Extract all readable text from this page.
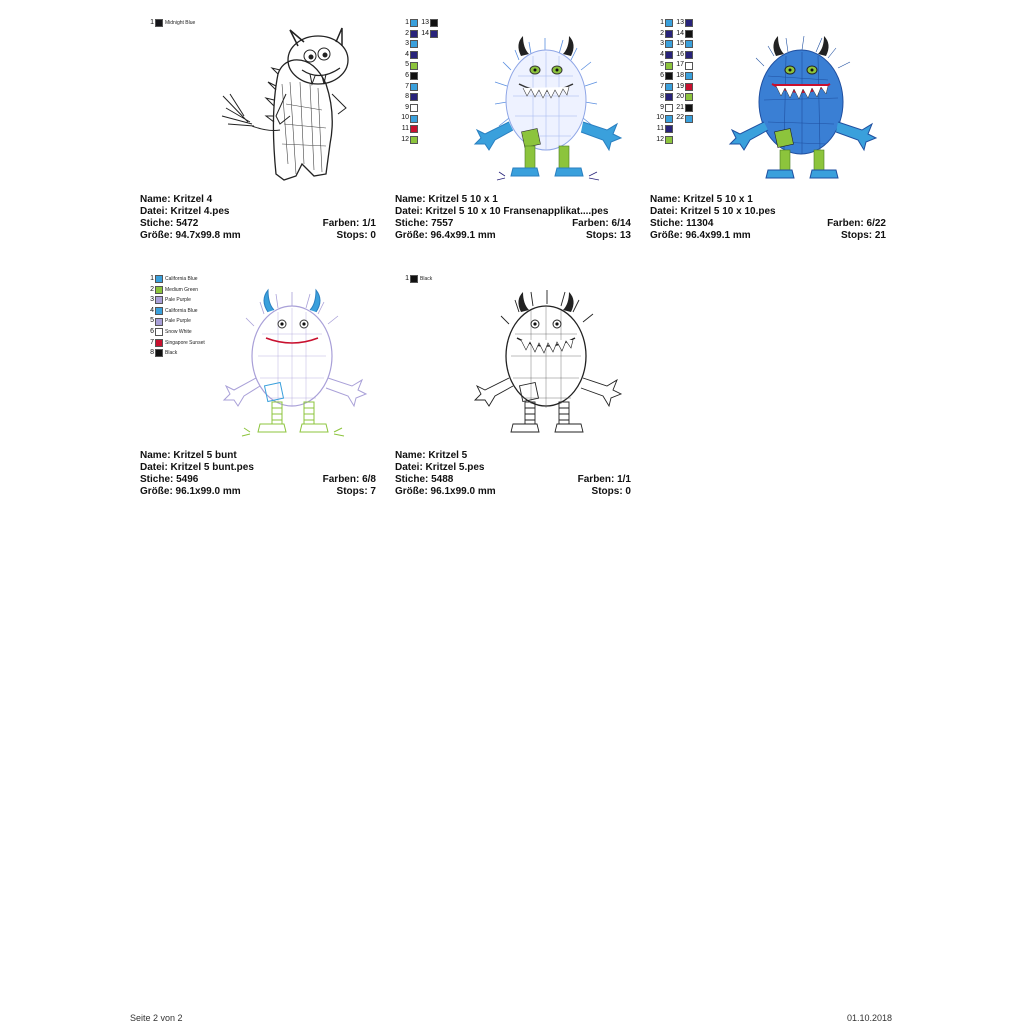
1 Midnight Blue
Name: Kritzel 4
Datei: Kritzel 4.pes
Stiche: 5472	Farben: 1/1
Größe: 94.7x99.8 mm	Stops: 0
1
2
3
4
5
6
7
8
9
10
11
12
13
14
Name: Kritzel 5 10 x 1
Datei: Kritzel 5 10 x 10 Fransenapplikat....pes
Stiche: 7557	Farben: 6/14
Größe: 96.4x99.1 mm	Stops: 13
1
2
3
4
5
6
7
8
9
10
11
12
13
14
15
16
17
18
19
20
21
22
Name: Kritzel 5 10 x 1
Datei: Kritzel 5 10 x 10.pes
Stiche: 11304	Farben: 6/22
Größe: 96.4x99.1 mm	Stops: 21
1 California Blue
2 Medium Green
3 Pale Purple
4 California Blue
5 Pale Purple
6 Snow White
7 Singapore Sunset
8 Black
Name: Kritzel 5 bunt
Datei: Kritzel 5 bunt.pes
Stiche: 5496	Farben: 6/8
Größe: 96.1x99.0 mm	Stops: 7
1 Black
Name: Kritzel 5
Datei: Kritzel 5.pes
Stiche: 5488	Farben: 1/1
Größe: 96.1x99.0 mm	Stops: 0
Seite 2 von 2	01.10.2018
